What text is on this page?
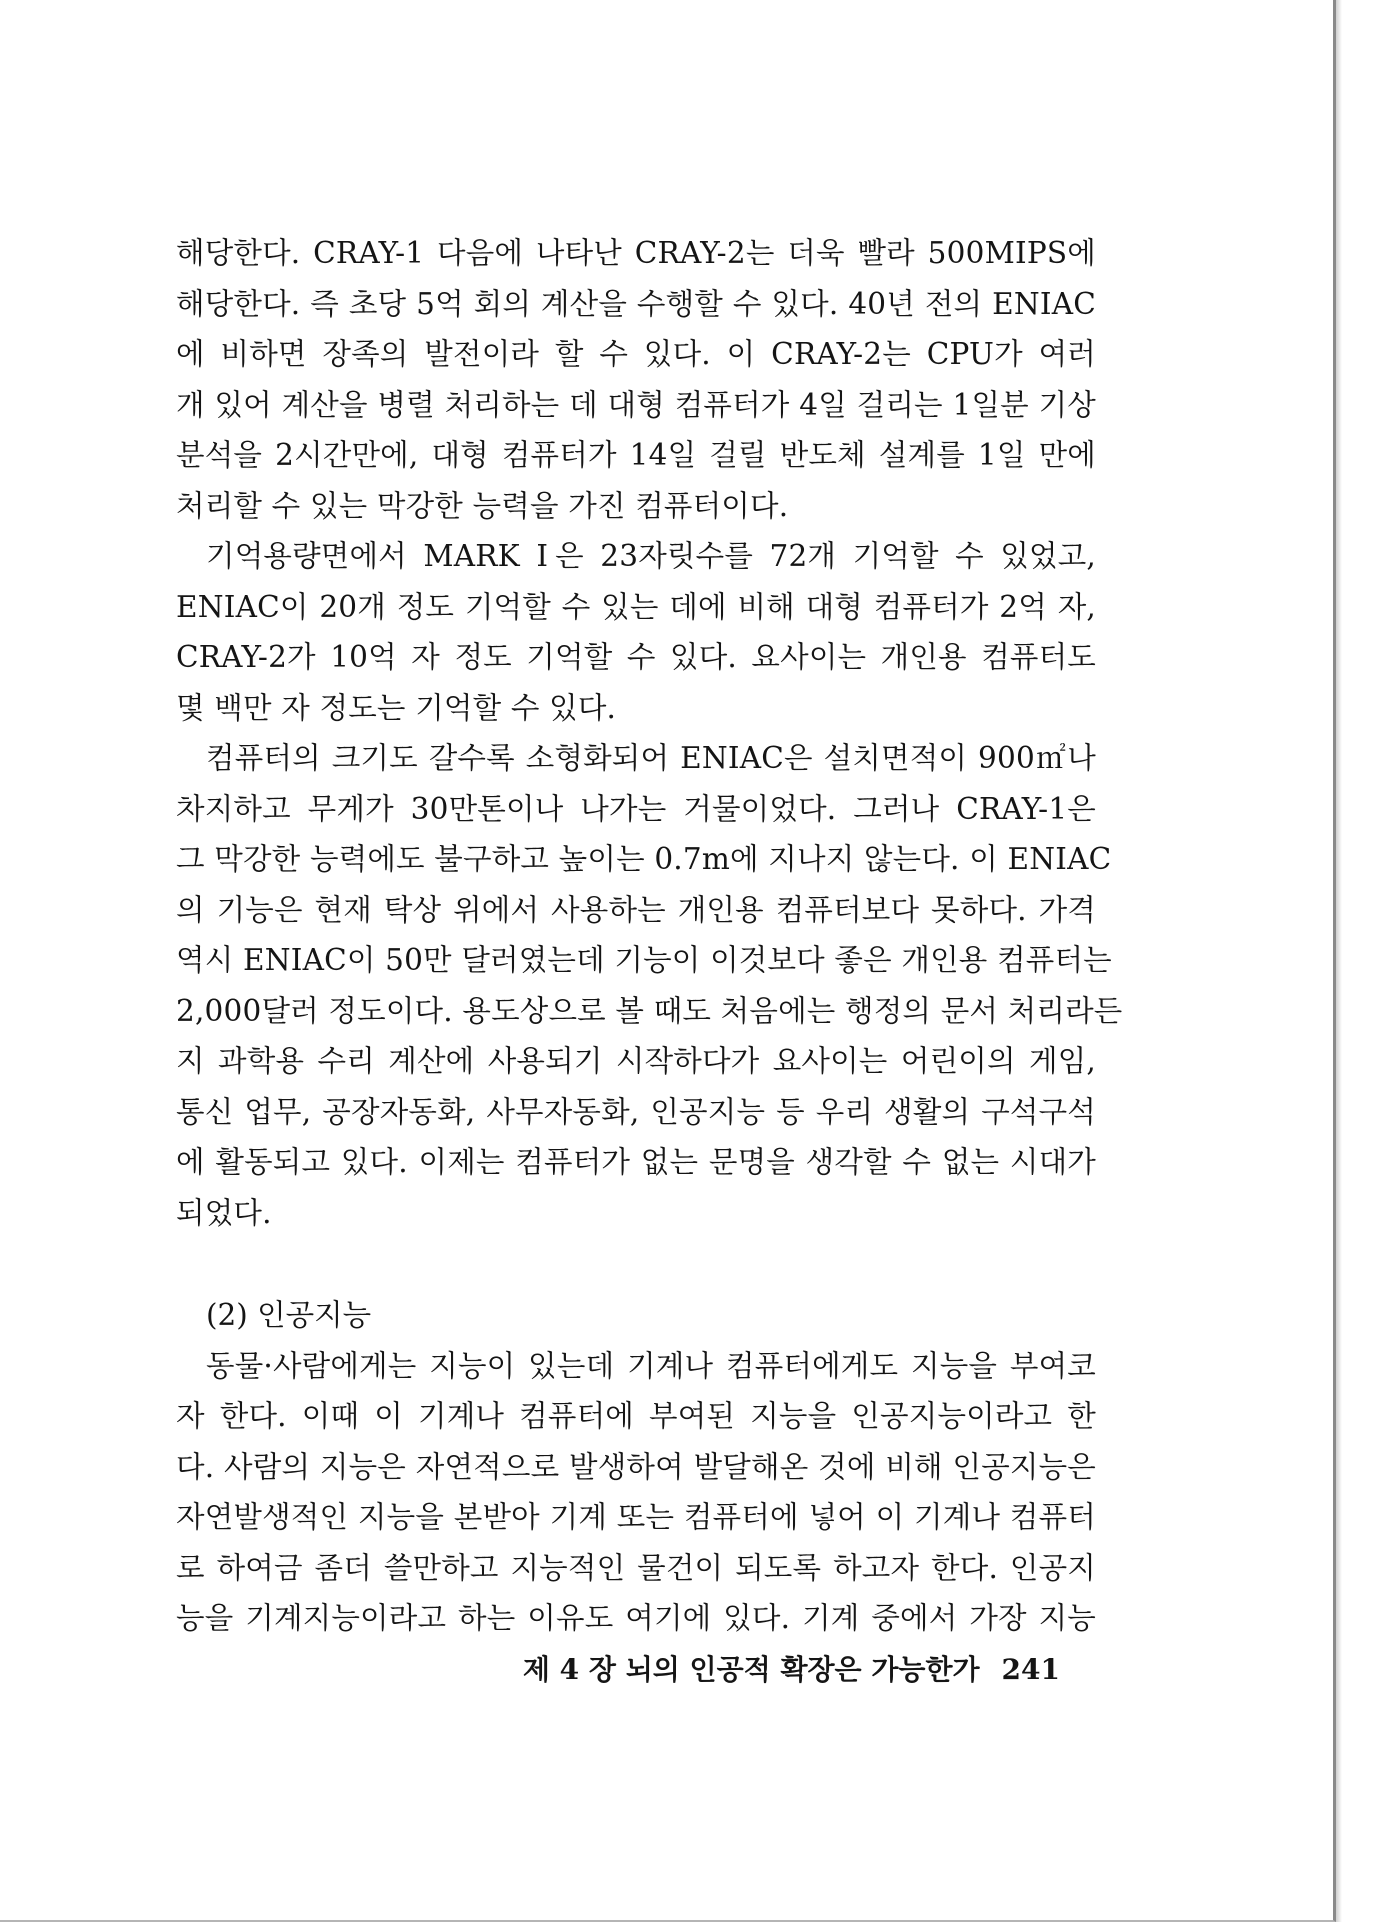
해당한다. CRAY-1 다음에 나타난 CRAY-2는 더욱 빨라 500MIPS에
해당한다. 즉 초당 5억 회의 계산을 수행할 수 있다. 40년 전의 ENIAC
에 비하면 장족의 발전이라 할 수 있다. 이 CRAY-2는 CPU가 여러
개 있어 계산을 병렬 처리하는 데 대형 컴퓨터가 4일 걸리는 1일분 기상
분석을 2시간만에, 대형 컴퓨터가 14일 걸릴 반도체 설계를 1일 만에
처리할 수 있는 막강한 능력을 가진 컴퓨터이다.
기억용량면에서 MARK Ⅰ은 23자릿수를 72개 기억할 수 있었고,
ENIAC이 20개 정도 기억할 수 있는 데에 비해 대형 컴퓨터가 2억 자,
CRAY-2가 10억 자 정도 기억할 수 있다. 요사이는 개인용 컴퓨터도
몇 백만 자 정도는 기억할 수 있다.
컴퓨터의 크기도 갈수록 소형화되어 ENIAC은 설치면적이 900㎡나
차지하고 무게가 30만톤이나 나가는 거물이었다. 그러나 CRAY-1은
그 막강한 능력에도 불구하고 높이는 0.7m에 지나지 않는다. 이 ENIAC
의 기능은 현재 탁상 위에서 사용하는 개인용 컴퓨터보다 못하다. 가격
역시 ENIAC이 50만 달러였는데 기능이 이것보다 좋은 개인용 컴퓨터는
2,000달러 정도이다. 용도상으로 볼 때도 처음에는 행정의 문서 처리라든
지 과학용 수리 계산에 사용되기 시작하다가 요사이는 어린이의 게임,
통신 업무, 공장자동화, 사무자동화, 인공지능 등 우리 생활의 구석구석
에 활동되고 있다. 이제는 컴퓨터가 없는 문명을 생각할 수 없는 시대가
되었다.
(2) 인공지능
동물·사람에게는 지능이 있는데 기계나 컴퓨터에게도 지능을 부여코
자 한다. 이때 이 기계나 컴퓨터에 부여된 지능을 인공지능이라고 한
다. 사람의 지능은 자연적으로 발생하여 발달해온 것에 비해 인공지능은
자연발생적인 지능을 본받아 기계 또는 컴퓨터에 넣어 이 기계나 컴퓨터
로 하여금 좀더 쓸만하고 지능적인 물건이 되도록 하고자 한다. 인공지
능을 기계지능이라고 하는 이유도 여기에 있다. 기계 중에서 가장 지능
제 4 장 뇌의 인공적 확장은 가능한가 241
